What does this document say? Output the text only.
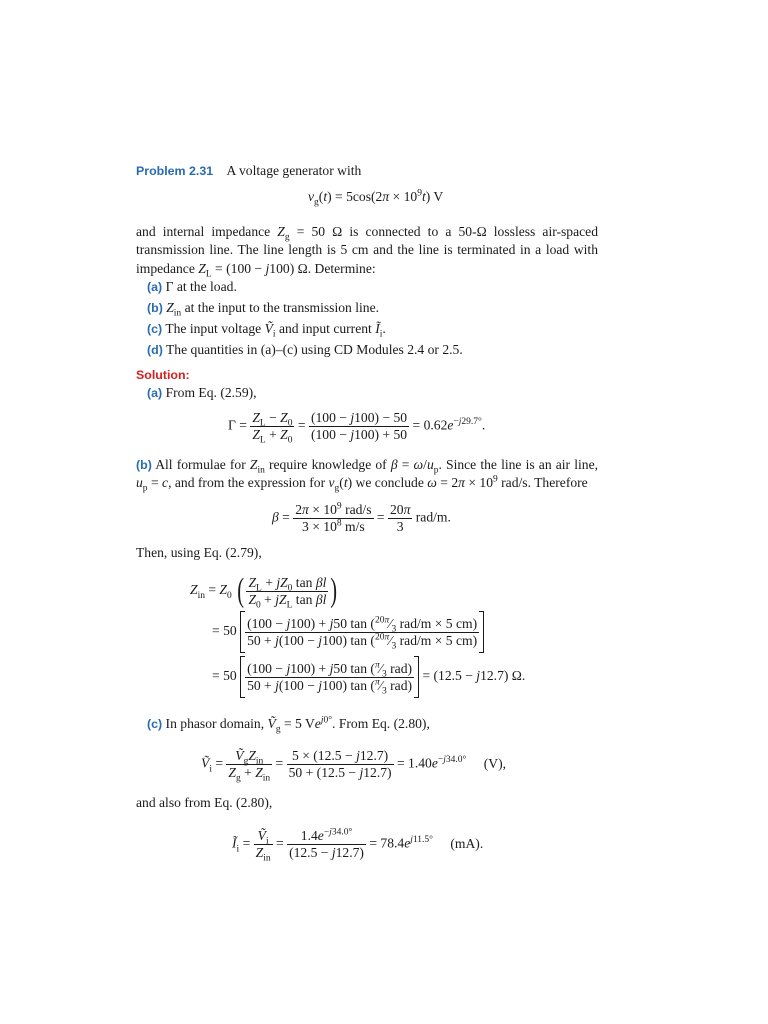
Problem 2.31 A voltage generator with
$v_g(t) = 5\cos(2\pi \times 10^9t)$ V
and internal impedance $Z_g = 50$ Ω is connected to a 50-Ω lossless air-spaced transmission line. The line length is 5 cm and the line is terminated in a load with impedance $Z_L = (100 - j100)$ Ω. Determine:
(a) Γ at the load.
(b) $Z_{in}$ at the input to the transmission line.
(c) The input voltage Ṽ$_i$ and input current $Ĩ_i$.
(d) The quantities in (a)–(c) using CD Modules 2.4 or 2.5.
Solution:
(a) From Eq. (2.59),
$\Gamma = \frac{Z_L - Z_0}{Z_L + Z_0} = \frac{(100 - j100) - 50}{(100 - j100) + 50} = 0.62e^{-j29.7^\circ}$.
(b) All formulae for $Z_{in}$ require knowledge of $\beta = \omega/u_p$. Since the line is an air line, $u_p = c$, and from the expression for $v_g(t)$ we conclude $\omega = 2\pi \times 10^9$ rad/s. Therefore
$\beta = \frac{2\pi \times 10^9 rad/s}{3 \times 10^8 m/s} = \frac{20\pi}{3} rad/m$.
Then, using Eq. (2.79),
$Z_{in} = Z_0$ ( $\frac{Z_L + jZ_0 \tan \beta l}{Z_0 + jZ_L \tan \beta l}$ )
= $50 \frac{(100 - j100) + j50 \tan (^{20\pi}⁄_3 rad/m \times 5 cm)}{50 + j(100 - j100) \tan (^{20\pi}⁄_3 rad/m \times 5 cm)}$
= $50 \frac{(100 - j100) + j50 \tan (^\pi⁄_3 rad)}{50 + j(100 - j100) \tan (^\pi⁄_3 rad)} = (12.5 - j12.7)$ Ω.
(c) In phasor domain, Ṽ$_g$ = 5 $Ve^{j0^\circ}$. From Eq. (2.80),
Ṽ$_i$ = $\frac{Ṽ_gZ_{in}}{Z_g + Z_{in}} = \frac{5 \times (12.5 - j12.7)}{50 + (12.5 - j12.7)} = 1.40e^{-j34.0^\circ}$ (V),
and also from Eq. (2.80),
$Ĩ_i = \frac{Ṽ_i}{Z_{in}} = \frac{1.4e^{-j34.0^\circ}}{(12.5 - j12.7)} = 78.4e^{j11.5^\circ}$ (mA).
